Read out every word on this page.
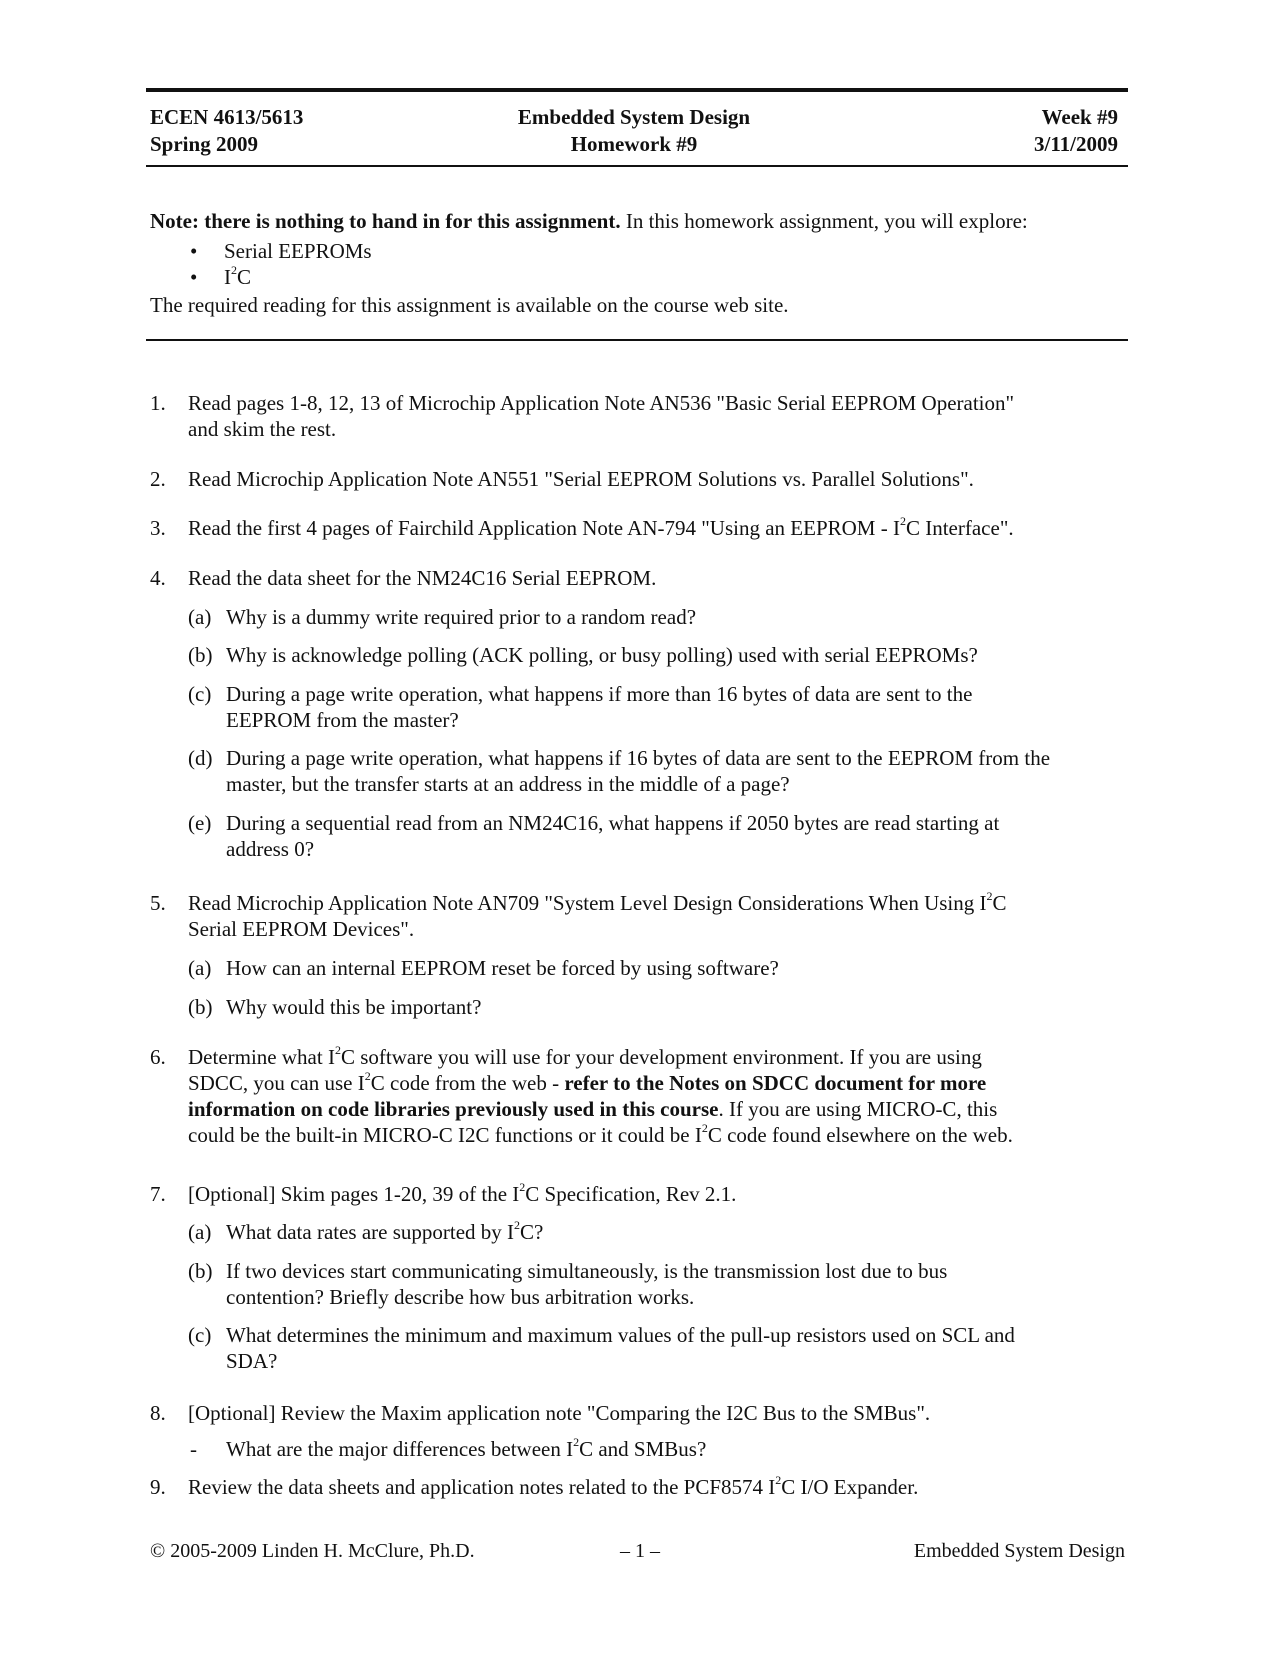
ECEN 4613/5613
Spring 2009
Embedded System Design
Homework #9
Week #9
3/11/2009

Note: there is nothing to hand in for this assignment. In this homework assignment, you will explore:

• Serial EEPROMs
• $I^2C$

The required reading for this assignment is available on the course web site.

1. Read pages 1-8, 12, 13 of Microchip Application Note AN536 "Basic Serial EEPROM Operation"
and skim the rest.
2. Read Microchip Application Note AN551 "Serial EEPROM Solutions vs. Parallel Solutions".
3. Read the first 4 pages of Fairchild Application Note AN-794 "Using an EEPROM - $I^2C$ Interface".
4. Read the data sheet for the NM24C16 Serial EEPROM.
(a) Why is a dummy write required prior to a random read?
(b) Why is acknowledge polling (ACK polling, or busy polling) used with serial EEPROMs?
(c) During a page write operation, what happens if more than 16 bytes of data are sent to the
EEPROM from the master?
(d) During a page write operation, what happens if 16 bytes of data are sent to the EEPROM from the
master, but the transfer starts at an address in the middle of a page?
(e) During a sequential read from an NM24C16, what happens if 2050 bytes are read starting at
address 0?
5. Read Microchip Application Note AN709 "System Level Design Considerations When Using $I^2C$
Serial EEPROM Devices".
(a) How can an internal EEPROM reset be forced by using software?
(b) Why would this be important?
6. Determine what $I^2C$ software you will use for your development environment. If you are using
SDCC, you can use $I^2C$ code from the web - refer to the Notes on SDCC document for more
information on code libraries previously used in this course. If you are using MICRO-C, this
could be the built-in MICRO-C I2C functions or it could be $I^2C$ code found elsewhere on the web.
7. [Optional] Skim pages 1-20, 39 of the $I^2C$ Specification, Rev 2.1.
(a) What data rates are supported by $I^2C$?
(b) If two devices start communicating simultaneously, is the transmission lost due to bus
contention? Briefly describe how bus arbitration works.
(c) What determines the minimum and maximum values of the pull-up resistors used on SCL and
SDA?
8. [Optional] Review the Maxim application note "Comparing the I2C Bus to the SMBus".
- What are the major differences between $I^2C$ and SMBus?
9. Review the data sheets and application notes related to the PCF8574 $I^2C$ I/O Expander.
© 2005-2009 Linden H. McClure, Ph.D.	– 1 –	Embedded System Design
